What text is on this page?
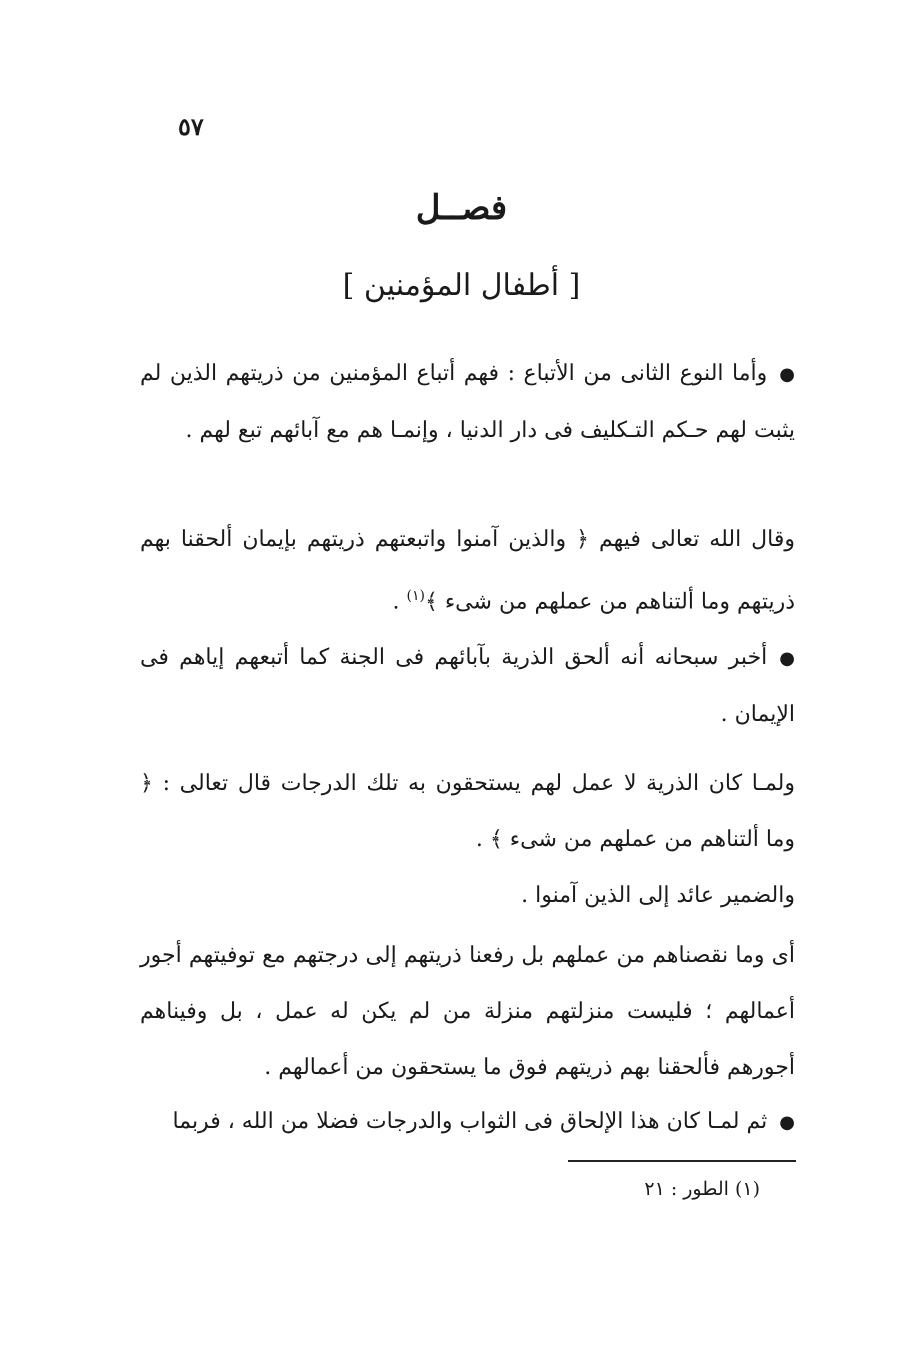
٥٧
فصــل
[ أطفال المؤمنين ]
●وأما النوع الثانى من الأتباع : فهم أتباع المؤمنين من ذريتهم الذين لم يثبت لهم حـكم التـكليف فى دار الدنيا ، وإنمـا هم مع آبائهم تبع لهم .
وقال الله تعالى فيهم ﴿ والذين آمنوا واتبعتهم ذريتهم بإيمان ألحقنا بهم ذريتهم وما ألتناهم من عملهم من شىء ﴾$^{(١)}$ .
●أخبر سبحانه أنه ألحق الذرية بآبائهم فى الجنة كما أتبعهم إياهم فى الإيمان .
ولمـا كان الذرية لا عمل لهم يستحقون به تلك الدرجات قال تعالى : ﴿ وما ألتناهم من عملهم من شىء ﴾ .
والضمير عائد إلى الذين آمنوا .
أى وما نقصناهم من عملهم بل رفعنا ذريتهم إلى درجتهم مع توفيتهم أجور أعمالهم ؛ فليست منزلتهم منزلة من لم يكن له عمل ، بل وفيناهم أجورهم فألحقنا بهم ذريتهم فوق ما يستحقون من أعمالهم .
●ثم لمـا كان هذا الإلحاق فى الثواب والدرجات فضلا من الله ، فربما
(١) الطور : ٢١
